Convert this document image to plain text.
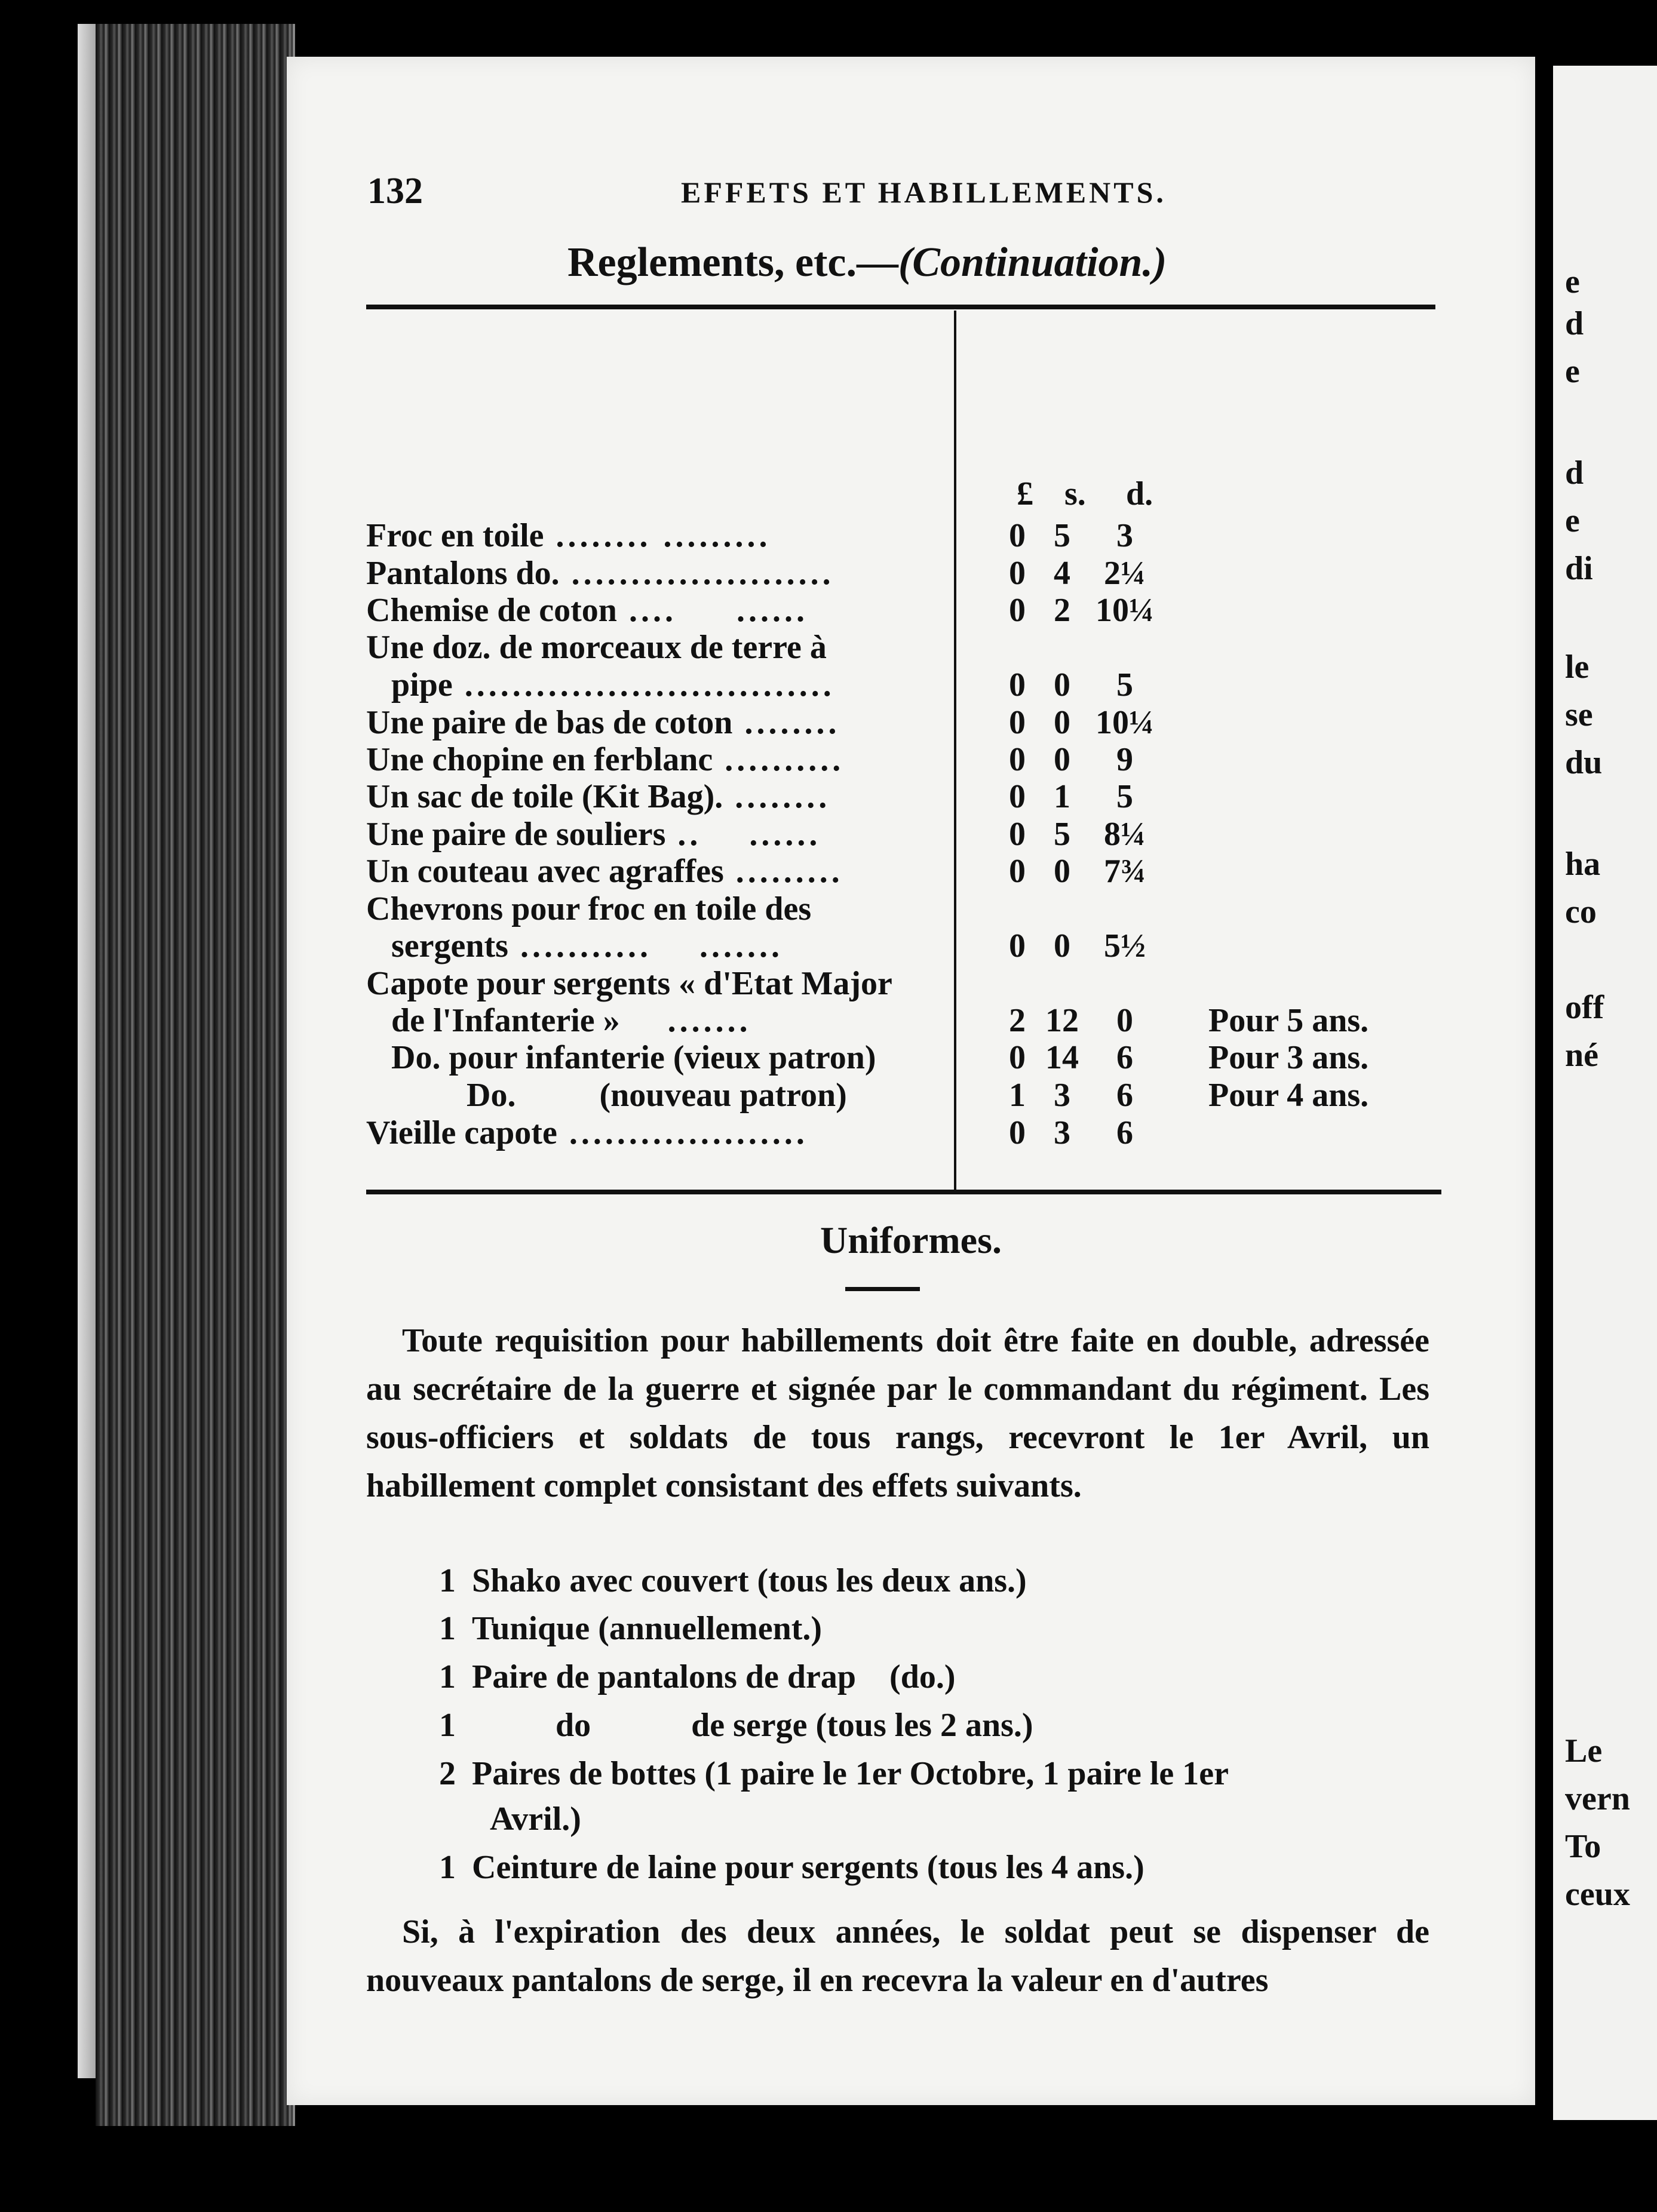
132	EFFETS ET HABILLEMENTS.
Reglements, etc.—(Continuation.)
£ s. d.
Froc en toile ........ .........	0 5	3
Pantalons do. ......................	0 4	2¼
Chemise de coton ....     ......	0 2 10¼
Une doz. de morceaux de terre à
pipe ...............................	0 0	5
Une paire de bas de coton ........	0 0 10¼
Une chopine en ferblanc ..........	0 0	9
Un sac de toile (Kit Bag). ........	0 1	5
Une paire de souliers ..    ......	0 5	8¼
Un couteau avec agraffes .........	0 0	7¾
Chevrons pour froc en toile des
sergents ...........    .......	0 0	5½
Capote pour sergents « d'Etat Major
de l'Infanterie »    .......	2 12	0	Pour 5 ans.
Do. pour infanterie (vieux patron)	0 14	6	Pour 3 ans.
Do.          (nouveau patron)	1 3	6	Pour 4 ans.
Vieille capote ....................	0 3	6
Uniformes.
Toute requisition pour habillements doit être faite en double, adressée au secrétaire de la guerre et signée par le commandant du régiment. Les sous-officiers et soldats de tous rangs, recevront le 1er Avril, un habillement complet consistant des effets suivants.
1 Shako avec couvert (tous les deux ans.)
1 Tunique (annuellement.)
1 Paire de pantalons de drap    (do.)
1          do            de serge (tous les 2 ans.)
2 Paires de bottes (1 paire le 1er Octobre, 1 paire le 1er
Avril.)
1 Ceinture de laine pour sergents (tous les 4 ans.)
Si, à l'expiration des deux années, le soldat peut se dispenser de nouveaux pantalons de serge, il en recevra la valeur en d'autres
e
d
e
d
e
di
le
se
du
ha
co
off
né
Le
vern
To
ceux
